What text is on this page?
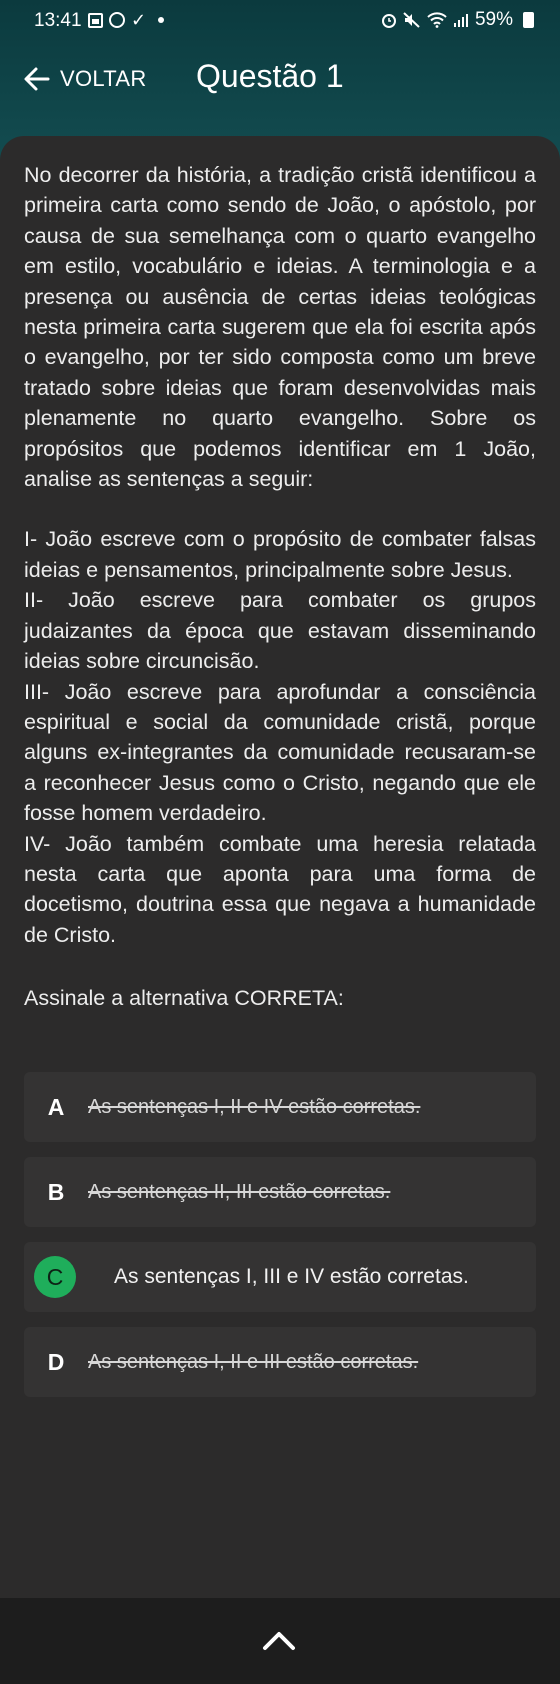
13:41	✓	59%
VOLTAR Questão 1

No decorrer da história, a tradição cristã identificou a primeira carta como sendo de João, o apóstolo, por causa de sua semelhança com o quarto evangelho em estilo, vocabulário e ideias. A terminologia e a presença ou ausência de certas ideias teológicas nesta primeira carta sugerem que ela foi escrita após o evangelho, por ter sido composta como um breve tratado sobre ideias que foram desenvolvidas mais plenamente no quarto evangelho. Sobre os propósitos que podemos identificar em 1 João, analise as sentenças a seguir:

I- João escreve com o propósito de combater falsas ideias e pensamentos, principalmente sobre Jesus.

II- João escreve para combater os grupos judaizantes da época que estavam disseminando ideias sobre circuncisão.

III- João escreve para aprofundar a consciência espiritual e social da comunidade cristã, porque alguns ex-integrantes da comunidade recusaram-se a reconhecer Jesus como o Cristo, negando que ele fosse homem verdadeiro.

IV- João também combate uma heresia relatada nesta carta que aponta para uma forma de docetismo, doutrina essa que negava a humanidade de Cristo.

Assinale a alternativa CORRETA:
A	As sentenças I, II e IV estão corretas.
B	As sentenças II, III estão corretas.
C	As sentenças I, III e IV estão corretas.
D	As sentenças I, II e III estão corretas.
